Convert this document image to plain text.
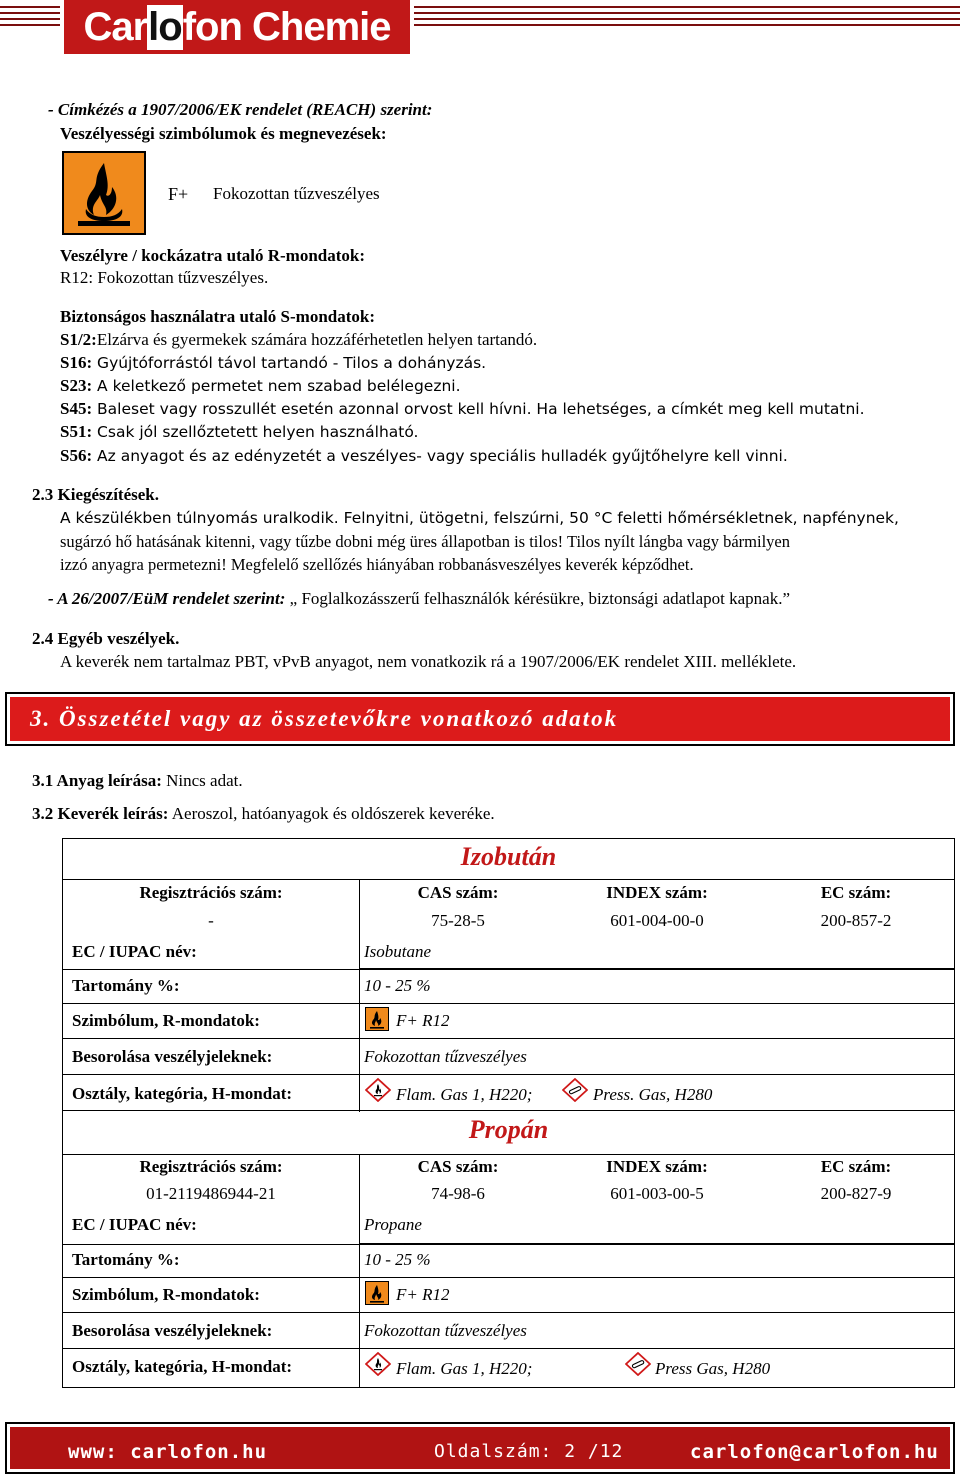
Car lo fon Chemie
- Címkézés a 1907/2006/EK rendelet (REACH) szerint:
Veszélyességi szimbólumok és megnevezések:
F+ Fokozottan tűzveszélyes
Veszélyre / kockázatra utaló R-mondatok:
R12: Fokozottan tűzveszélyes.
Biztonságos használatra utaló S-mondatok:
S1/2:Elzárva és gyermekek számára hozzáférhetetlen helyen tartandó.
S16: Gyújtóforrástól távol tartandó - Tilos a dohányzás.
S23: A keletkező permetet nem szabad belélegezni.
S45: Baleset vagy rosszullét esetén azonnal orvost kell hívni. Ha lehetséges, a címkét meg kell mutatni.
S51: Csak jól szellőztetett helyen használható.
S56: Az anyagot és az edényzetét a veszélyes- vagy speciális hulladék gyűjtőhelyre kell vinni.
2.3 Kiegészítések.
A készülékben túlnyomás uralkodik. Felnyitni, ütögetni, felszúrni, 50 °C feletti hőmérsékletnek, napfénynek,
sugárzó hő hatásának kitenni, vagy tűzbe dobni még üres állapotban is tilos! Tilos nyílt lángba vagy bármilyen
izzó anyagra permetezni! Megfelelő szellőzés hiányában robbanásveszélyes keverék képződhet.
- A 26/2007/EüM rendelet szerint: „ Foglalkozásszerű felhasználók kérésükre, biztonsági adatlapot kapnak.”
2.4 Egyéb veszélyek.
A keverék nem tartalmaz PBT, vPvB anyagot, nem vonatkozik rá a 1907/2006/EK rendelet XIII. melléklete.
3. Összetétel vagy az összetevőkre vonatkozó adatok
3.1 Anyag leírása: Nincs adat.
3.2 Keverék leírás: Aeroszol, hatóanyagok és oldószerek keveréke.
Izobután
Regisztrációs szám:	CAS szám:	INDEX szám:	EC szám:
-	75-28-5	601-004-00-0	200-857-2
EC / IUPAC név:	Isobutane
Tartomány %:	10 - 25 %
Szimbólum, R-mondatok:	F+ R12
Besorolása veszélyjeleknek:	Fokozottan tűzveszélyes
Osztály, kategória, H-mondat:	Flam. Gas 1, H220;	Press. Gas, H280
Propán
Regisztrációs szám:	CAS szám:	INDEX szám:	EC szám:
01-2119486944-21	74-98-6	601-003-00-5	200-827-9
EC / IUPAC név:	Propane
Tartomány %:	10 - 25 %
Szimbólum, R-mondatok:	F+ R12
Besorolása veszélyjeleknek:	Fokozottan tűzveszélyes
Osztály, kategória, H-mondat:	Flam. Gas 1, H220;	Press Gas, H280
www: carlofon.hu	Oldalszám: 2 /12	carlofon@carlofon.hu
